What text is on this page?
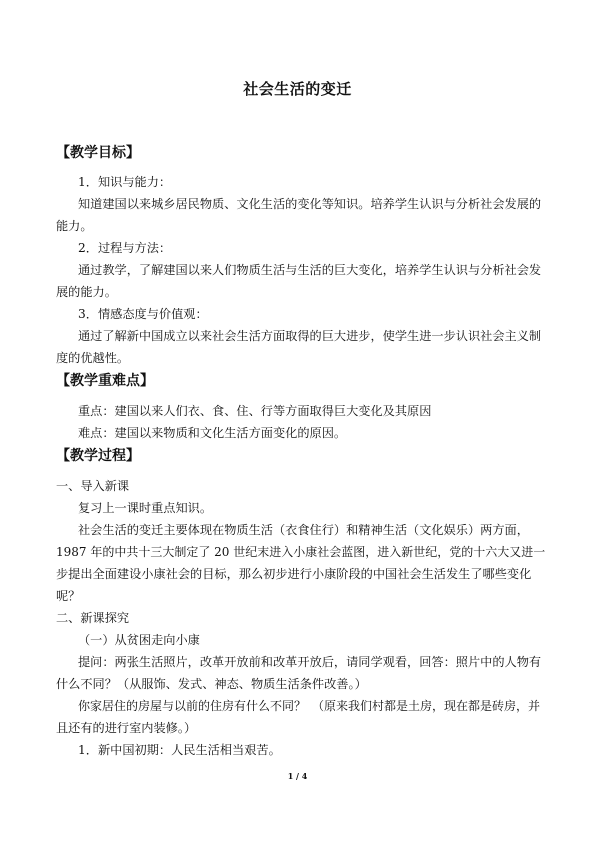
社会生活的变迁
【教学目标】
1．知识与能力：
知道建国以来城乡居民物质、文化生活的变化等知识。培养学生认识与分析社会发展的
能力。
2．过程与方法：
通过教学，了解建国以来人们物质生活与生活的巨大变化，培养学生认识与分析社会发
展的能力。
3．情感态度与价值观：
通过了解新中国成立以来社会生活方面取得的巨大进步，使学生进一步认识社会主义制
度的优越性。
【教学重难点】
重点：建国以来人们衣、食、住、行等方面取得巨大变化及其原因
难点：建国以来物质和文化生活方面变化的原因。
【教学过程】
一、导入新课
复习上一课时重点知识。
社会生活的变迁主要体现在物质生活（衣食住行）和精神生活（文化娱乐）两方面，
1987 年的中共十三大制定了 20 世纪末进入小康社会蓝图，进入新世纪，党的十六大又进一
步提出全面建设小康社会的目标，那么初步进行小康阶段的中国社会生活发生了哪些变化
呢？
二、新课探究
（一）从贫困走向小康
提问：两张生活照片，改革开放前和改革开放后，请同学观看，回答：照片中的人物有
什么不同？（从服饰、发式、神态、物质生活条件改善。）
你家居住的房屋与以前的住房有什么不同？　（原来我们村都是土房，现在都是砖房，并
且还有的进行室内装修。）
1．新中国初期：人民生活相当艰苦。
1 / 4
